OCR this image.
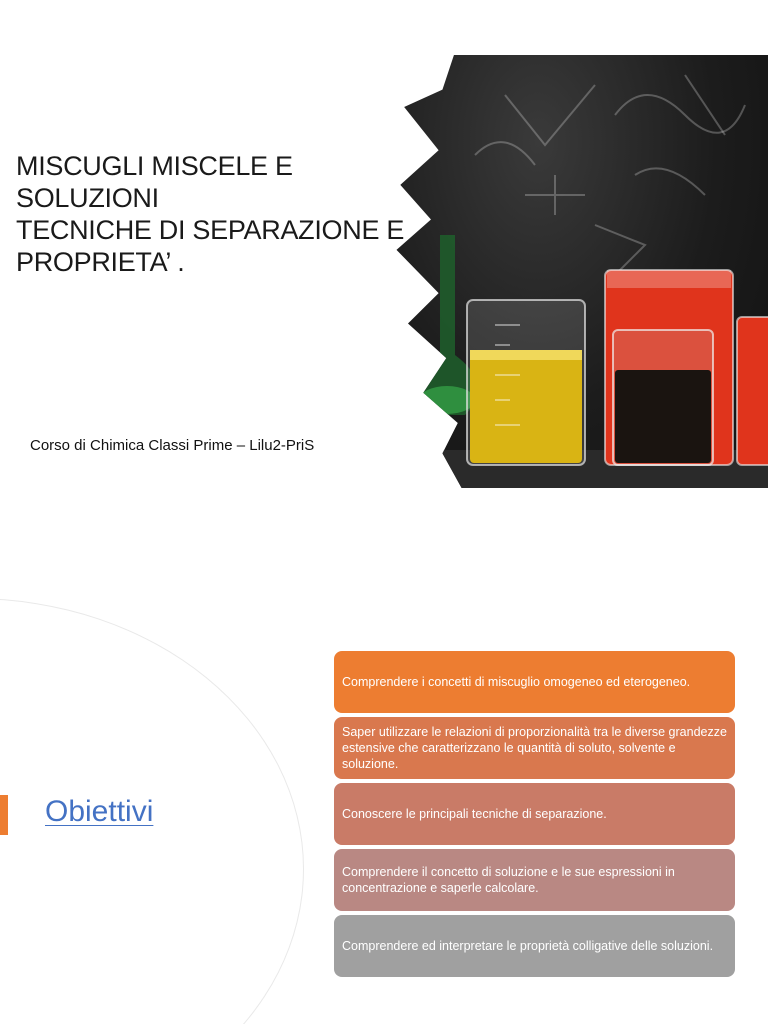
MISCUGLI MISCELE E SOLUZIONI
TECNICHE DI SEPARAZIONE E
PROPRIETA’ .
Corso di Chimica Classi Prime – Lilu2-PriS
Obiettivi
Comprendere i concetti di miscuglio omogeneo ed eterogeneo.
Saper utilizzare le relazioni di proporzionalità tra le diverse grandezze estensive che caratterizzano le quantità di soluto, solvente e soluzione.
Conoscere le principali tecniche di separazione.
Comprendere il concetto di soluzione e le sue espressioni in concentrazione e saperle calcolare.
Comprendere ed interpretare le proprietà colligative delle soluzioni.
